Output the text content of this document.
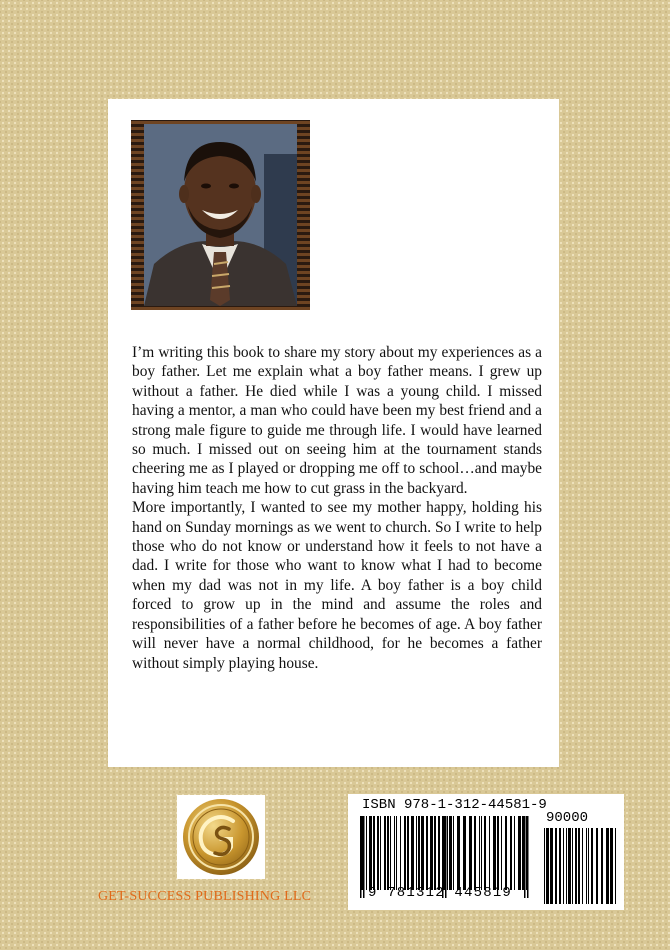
I’m writing this book to share my story about my experiences as a boy father. Let me explain what a boy father means. I grew up without a father. He died while I was a young child. I missed having a mentor, a man who could have been my best friend and a strong male figure to guide me through life. I would have learned so much. I missed out on seeing him at the tournament stands cheering me as I played or dropping me off to school…and maybe having him teach me how to cut grass in the backyard.

More importantly, I wanted to see my mother happy, holding his hand on Sunday mornings as we went to church. So I write to help those who do not know or understand how it feels to not have a dad. I write for those who want to know what I had to become when my dad was not in my life. A boy father is a boy child forced to grow up in the mind and assume the roles and responsibilities of a father before he becomes of age. A boy father will never have a normal childhood, for he becomes a father without simply playing house.

GET-SUCCESS PUBLISHING LLC
ISBN 978-1-312-44581-9
90000
9 781312 445819
